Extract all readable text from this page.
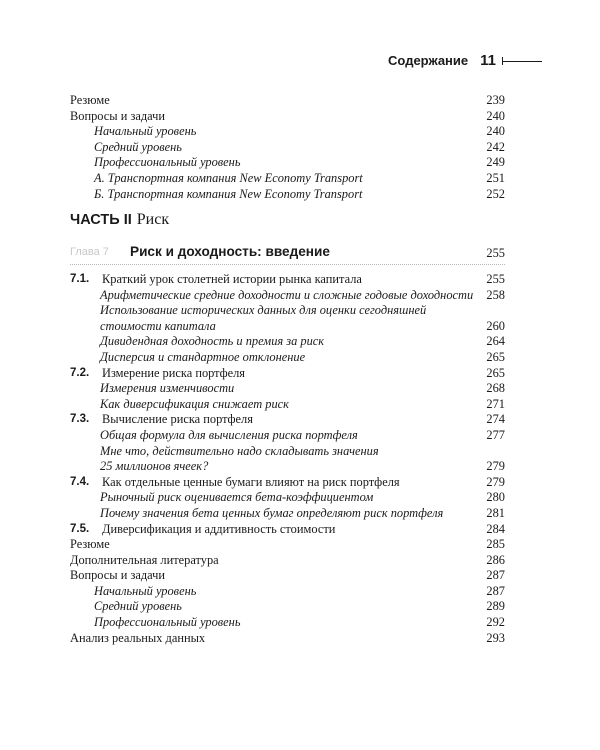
Содержание 11
Резюме	239
Вопросы и задачи	240
Начальный уровень	240
Средний уровень	242
Профессиональный уровень	249
А. Транспортная компания New Economy Transport	251
Б. Транспортная компания New Economy Transport	252
ЧАСТЬ II Риск
Глава 7 Риск и доходность: введение	255
7.1. Краткий урок столетней истории рынка капитала	255
Арифметические средние доходности и сложные годовые доходности 258
Использование исторических данных для оценки сегодняшней
стоимости капитала	260
Дивидендная доходность и премия за риск	264
Дисперсия и стандартное отклонение	265
7.2. Измерение риска портфеля	265
Измерения изменчивости	268
Как диверсификация снижает риск	271
7.3. Вычисление риска портфеля	274
Общая формула для вычисления риска портфеля	277
Мне что, действительно надо складывать значения
25 миллионов ячеек?	279
7.4. Как отдельные ценные бумаги влияют на риск портфеля	279
Рыночный риск оценивается бета-коэффициентом	280
Почему значения бета ценных бумаг определяют риск портфеля	281
7.5. Диверсификация и аддитивность стоимости	284
Резюме	285
Дополнительная литература	286
Вопросы и задачи	287
Начальный уровень	287
Средний уровень	289
Профессиональный уровень	292
Анализ реальных данных	293
